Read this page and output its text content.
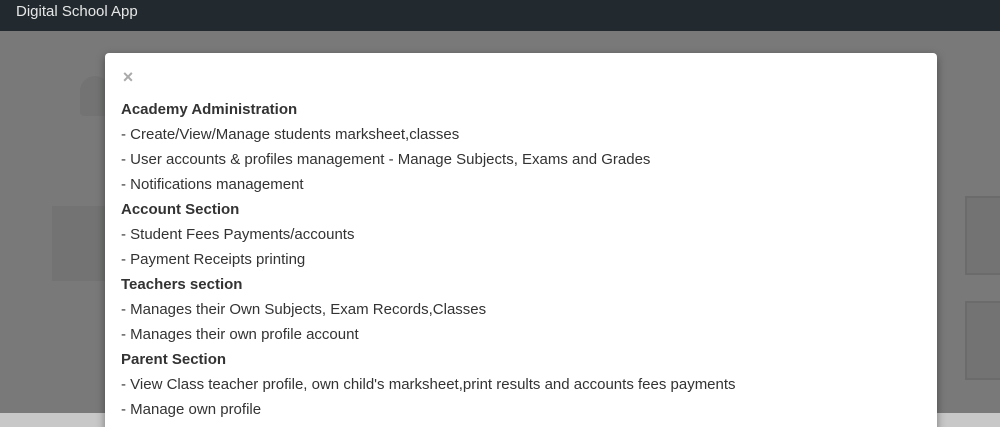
Digital School App
×
Academy Administration
- Create/View/Manage students marksheet,classes
- User accounts & profiles management - Manage Subjects, Exams and Grades
- Notifications management
Account Section
- Student Fees Payments/accounts
- Payment Receipts printing
Teachers section
- Manages their Own Subjects, Exam Records,Classes
- Manages their own profile account
Parent Section
- View Class teacher profile, own child's marksheet,print results and accounts fees payments
- Manage own profile
